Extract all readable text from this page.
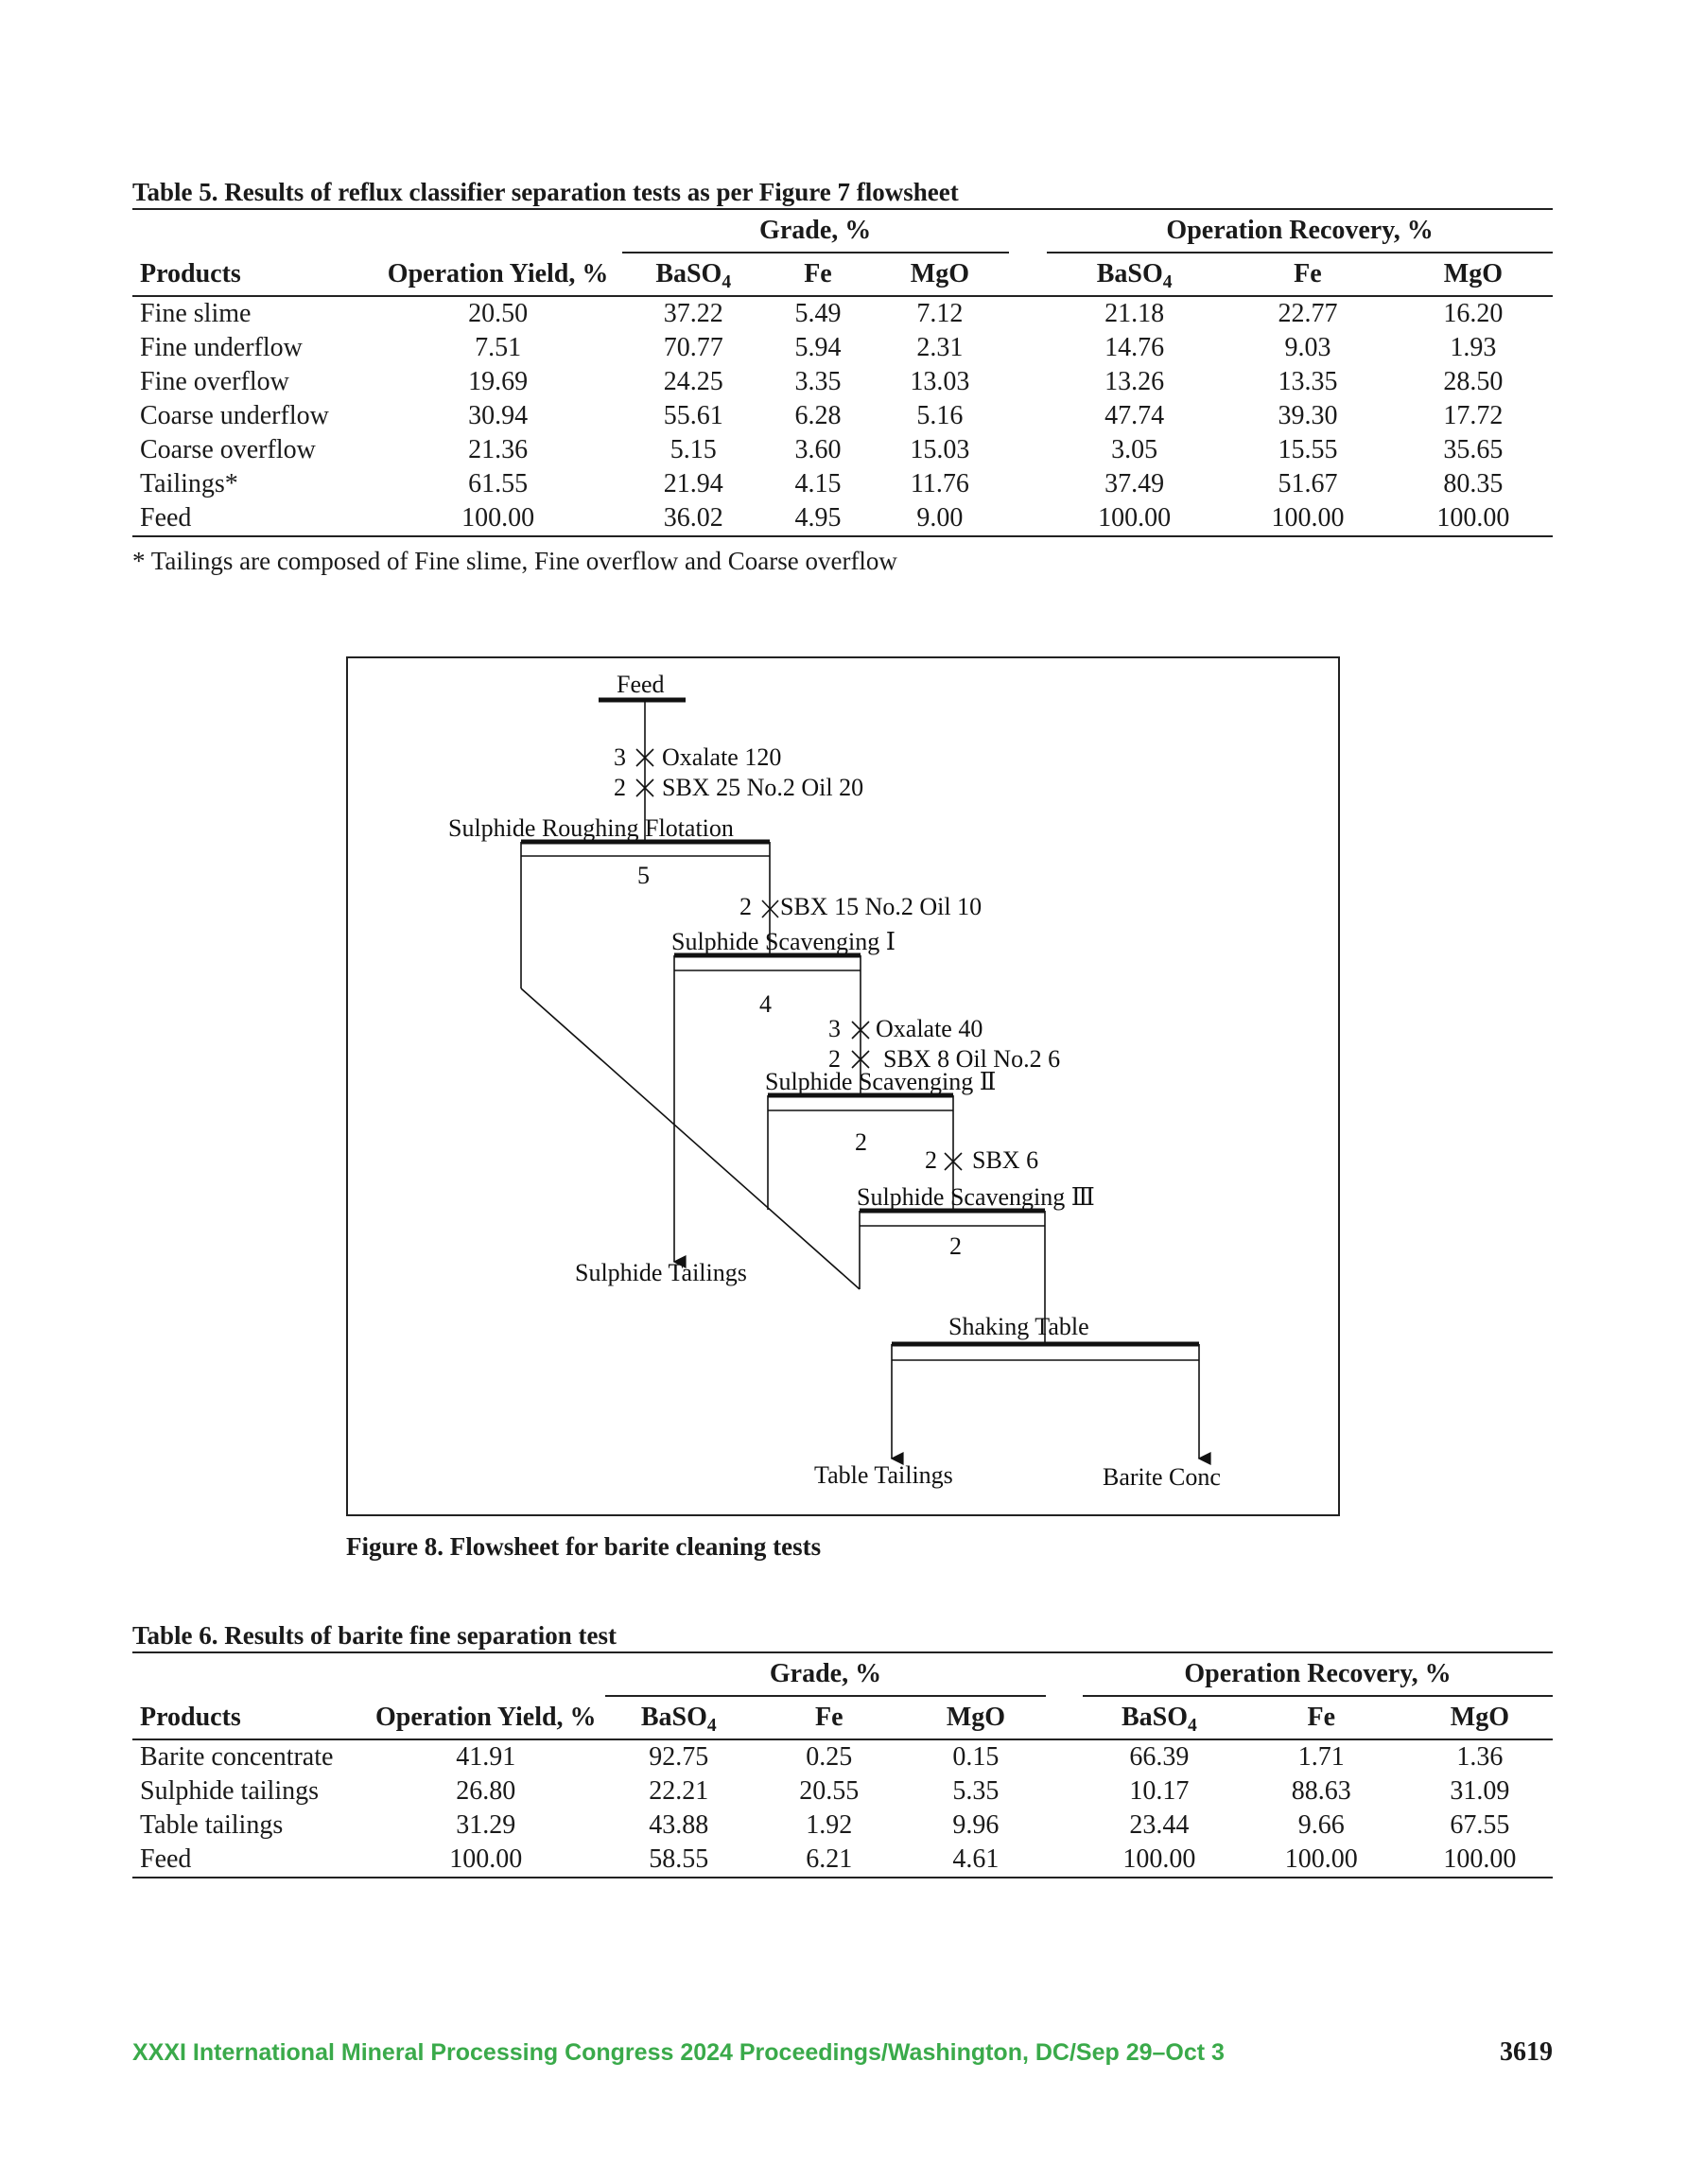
Table 5. Results of reflux classifier separation tests as per Figure 7 flowsheet
			Grade, %				Operation Recovery, %		
Products	Operation Yield, %		BaSO$_4$	Fe	MgO		BaSO$_4$	Fe	MgO
Fine slime	20.50		37.22	5.49	7.12		21.18	22.77	16.20
Fine underflow	7.51		70.77	5.94	2.31		14.76	9.03	1.93
Fine overflow	19.69		24.25	3.35	13.03		13.26	13.35	28.50
Coarse underflow	30.94		55.61	6.28	5.16		47.74	39.30	17.72
Coarse overflow	21.36		5.15	3.60	15.03		3.05	15.55	35.65
Tailings*	61.55		21.94	4.15	11.76		37.49	51.67	80.35
Feed	100.00		36.02	4.95	9.00		100.00	100.00	100.00
* Tailings are composed of Fine slime, Fine overflow and Coarse overflow
Feed
3 Oxalate 120
2 SBX 25 No.2 Oil 20
Sulphide Roughing Flotation
5
2 SBX 15 No.2 Oil 10
Sulphide Scavenging Ⅰ
4
3 Oxalate 40
2 SBX 8 Oil No.2 6
Sulphide Scavenging Ⅱ
2
2 SBX 6
Sulphide Scavenging Ⅲ
2
Sulphide Tailings
Shaking Table
Table Tailings	Barite Conc
Figure 8. Flowsheet for barite cleaning tests
Table 6. Results of barite fine separation test
			Grade, %				Operation Recovery, %		
Products	Operation Yield, %		BaSO$_4$	Fe	MgO		BaSO$_4$	Fe	MgO
Barite concentrate	41.91		92.75	0.25	0.15		66.39	1.71	1.36
Sulphide tailings	26.80		22.21	20.55	5.35		10.17	88.63	31.09
Table tailings	31.29		43.88	1.92	9.96		23.44	9.66	67.55
Feed	100.00		58.55	6.21	4.61		100.00	100.00	100.00
XXXI International Mineral Processing Congress 2024 Proceedings/Washington, DC/Sep 29–Oct 3	3619
